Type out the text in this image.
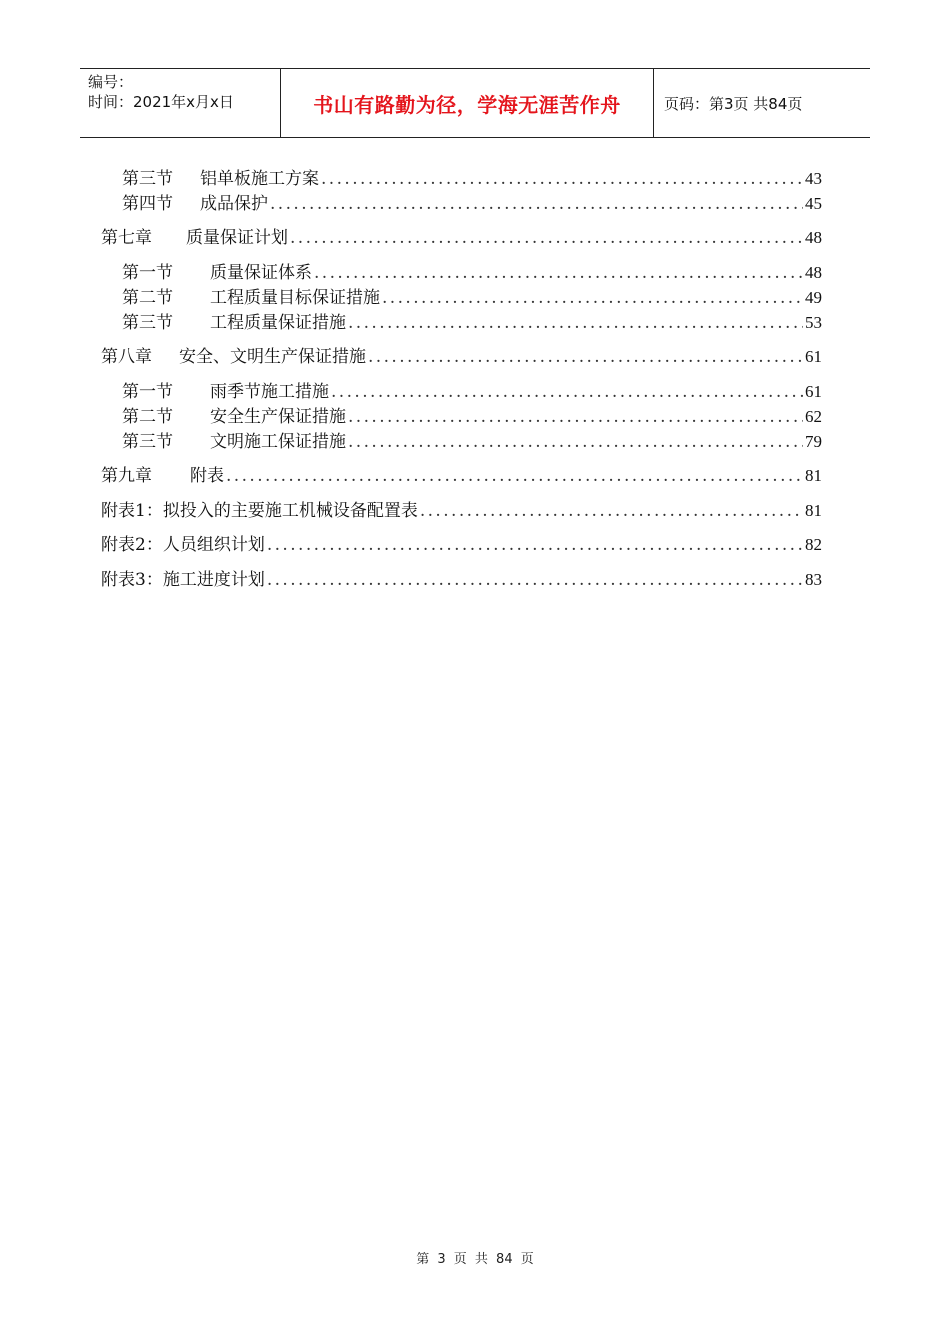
编号：
时间：2021年x月x日	书山有路勤为径，学海无涯苦作舟	页码：第3页 共84页
第三节	铝单板施工方案 .....	43
第四节	成品保护 .....	45
第七章	质量保证计划 .....	48
第一节	质量保证体系 .....	48
第二节	工程质量目标保证措施 .....	49
第三节	工程质量保证措施 .....	53
第八章	安全、文明生产保证措施 .....	61
第一节	雨季节施工措施 .....	61
第二节	安全生产保证措施 .....	62
第三节	文明施工保证措施 .....	79
第九章	附表 .....	81
附表1： 拟投入的主要施工机械设备配置表 .....	81
附表2： 人员组织计划 .....	82
附表3： 施工进度计划 .....	83
第 3 页 共 84 页
